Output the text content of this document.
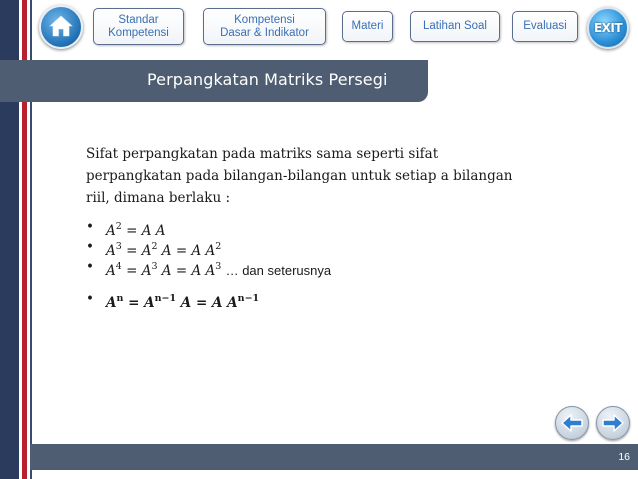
Standar
Kompetensi
Kompetensi
Dasar & Indikator
Materi	Latihan Soal	Evaluasi	EXIT
Perpangkatan Matriks Persegi

Sifat perpangkatan pada matriks sama seperti sifat perpangkatan pada bilangan-bilangan untuk setiap a bilangan riil, dimana berlaku :

• $A^2 = A$ A
• $A^3 = A^2$ A = A $A^2$
• $A^4 = A^3$ A = A $A^3$ … dan seterusnya
• $A^n = A^{n-1}$ A = A $A^{n-1}$
16
